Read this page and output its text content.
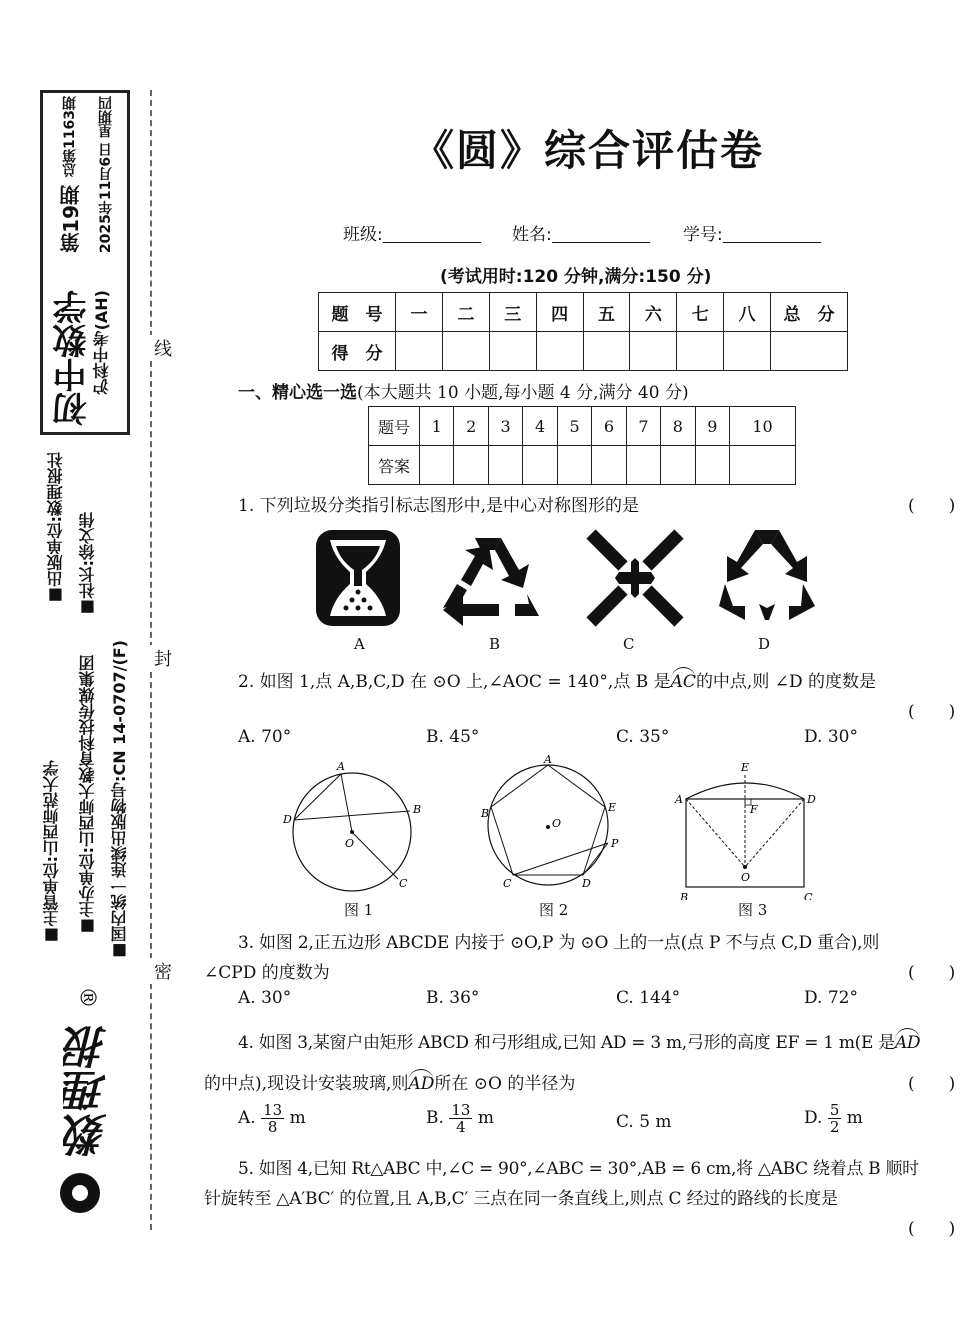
初中数学 沪科中考(AH)
第19期
总第1163期 2025年11月6日 星期四
■出版单位:数理报社 ■社长:徐文伟
■主管单位:山西师范大学 ■主办单位:山西师大教育科技传媒集团 ■国内统一连续出版物号:CN 14-0707/(F)
数理报
®
线
封
密
《圆》综合评估卷
班级:	姓名:	学号:
(考试用时:120 分钟,满分:150 分)
题　号	一	二	三	四	五	六	七	八	总　分
得　分									
一、精心选一选(本大题共 10 小题,每小题 4 分,满分 40 分)
题号	1	2	3	4	5	6	7	8	9	10
答案										
1. 下列垃圾分类指引标志图形中,是中心对称图形的是	(　　)
A	B	C	D
2. 如图 1,点 A,B,C,D 在 ⊙O 上,∠AOC = 140°,点 B 是AC的中点,则 ∠D 的度数是
(　　)
A. 70°	B. 45°	C. 35°	D. 30°
A
B
C
D
O
A
B
C	D
E
P
O
E
A	D
F
O
B	C
图 1	图 2	图 3
3. 如图 2,正五边形 ABCDE 内接于 ⊙O,P 为 ⊙O 上的一点(点 P 不与点 C,D 重合),则
∠CPD 的度数为	(　　)
A. 30°	B. 36°	C. 144°	D. 72°
4. 如图 3,某窗户由矩形 ABCD 和弓形组成,已知 AD = 3 m,弓形的高度 EF = 1 m(E 是AD
的中点),现设计安装玻璃,则AD所在 ⊙O 的半径为	(　　)
A. $\frac{13}{8}$ m	B. $\frac{13}{4}$ m	C. 5 m	D. $\frac{5}{2}$ m
5. 如图 4,已知 Rt△ABC 中,∠C = 90°,∠ABC = 30°,AB = 6 cm,将 △ABC 绕着点 B 顺时
针旋转至 △A′BC′ 的位置,且 A,B,C′ 三点在同一条直线上,则点 C 经过的路线的长度是
(　　)
